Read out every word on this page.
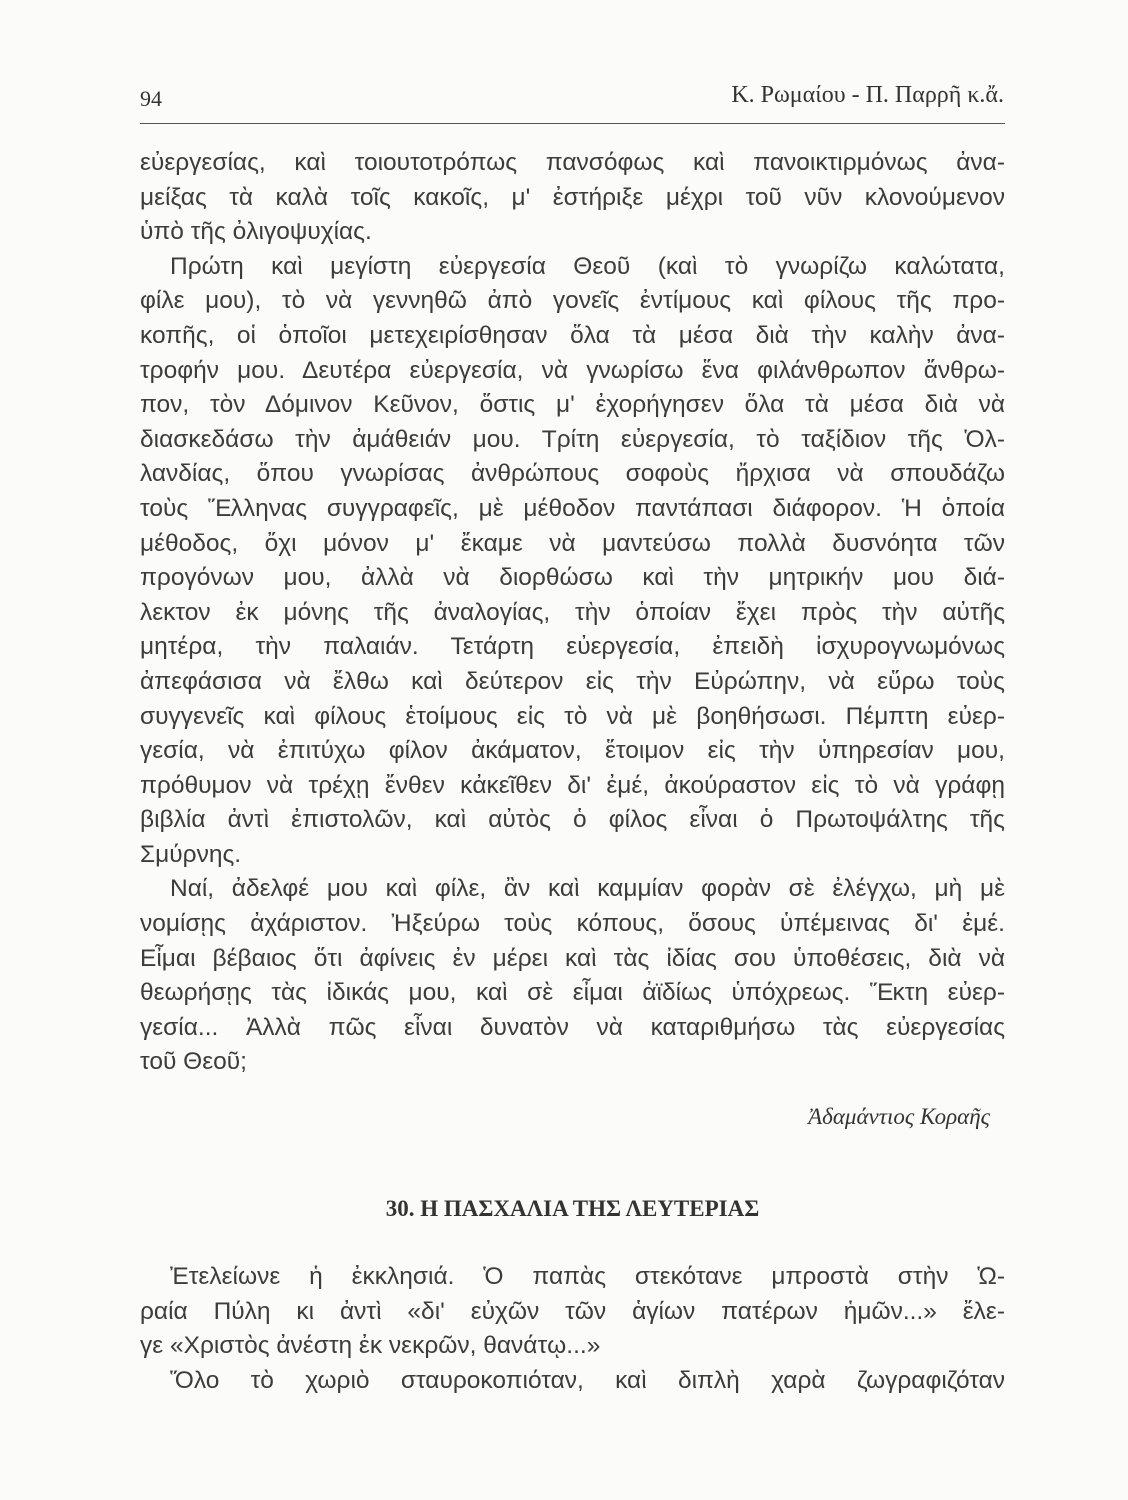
94	Κ. Ρωμαίου - Π. Παρρῆ κ.ἄ.
εὐεργεσίας, καὶ τοιουτοτρόπως πανσόφως καὶ πανοικτιρμόνως ἀνα-
μείξας τὰ καλὰ τοῖς κακοῖς, μ' ἐστήριξε μέχρι τοῦ νῦν κλονούμενον
ὑπὸ τῆς ὀλιγοψυχίας.
Πρώτη καὶ μεγίστη εὐεργεσία Θεοῦ (καὶ τὸ γνωρίζω καλώτατα,
φίλε μου), τὸ νὰ γεννηθῶ ἀπὸ γονεῖς ἐντίμους καὶ φίλους τῆς προ-
κοπῆς, οἱ ὁποῖοι μετεχειρίσθησαν ὅλα τὰ μέσα διὰ τὴν καλὴν ἀνα-
τροφήν μου. Δευτέρα εὐεργεσία, νὰ γνωρίσω ἕνα φιλάνθρωπον ἄνθρω-
πον, τὸν Δόμινον Κεῦνον, ὅστις μ' ἐχορήγησεν ὅλα τὰ μέσα διὰ νὰ
διασκεδάσω τὴν ἀμάθειάν μου. Τρίτη εὐεργεσία, τὸ ταξίδιον τῆς Ὁλ-
λανδίας, ὅπου γνωρίσας ἀνθρώπους σοφοὺς ἤρχισα νὰ σπουδάζω
τοὺς Ἕλληνας συγγραφεῖς, μὲ μέθοδον παντάπασι διάφορον. Ἡ ὁποία
μέθοδος, ὄχι μόνον μ' ἔκαμε νὰ μαντεύσω πολλὰ δυσνόητα τῶν
προγόνων μου, ἀλλὰ νὰ διορθώσω καὶ τὴν μητρικήν μου διά-
λεκτον ἐκ μόνης τῆς ἀναλογίας, τὴν ὁποίαν ἔχει πρὸς τὴν αὐτῆς
μητέρα, τὴν παλαιάν. Τετάρτη εὐεργεσία, ἐπειδὴ ἰσχυρογνωμόνως
ἀπεφάσισα νὰ ἔλθω καὶ δεύτερον εἰς τὴν Εὐρώπην, νὰ εὕρω τοὺς
συγγενεῖς καὶ φίλους ἑτοίμους εἰς τὸ νὰ μὲ βοηθήσωσι. Πέμπτη εὐερ-
γεσία, νὰ ἐπιτύχω φίλον ἀκάματον, ἕτοιμον εἰς τὴν ὑπηρεσίαν μου,
πρόθυμον νὰ τρέχῃ ἔνθεν κἀκεῖθεν δι' ἐμέ, ἀκούραστον εἰς τὸ νὰ γράφῃ
βιβλία ἀντὶ ἐπιστολῶν, καὶ αὐτὸς ὁ φίλος εἶναι ὁ Πρωτοψάλτης τῆς
Σμύρνης.
Ναί, ἀδελφέ μου καὶ φίλε, ἂν καὶ καμμίαν φορὰν σὲ ἐλέγχω, μὴ μὲ
νομίσῃς ἀχάριστον. Ἠξεύρω τοὺς κόπους, ὅσους ὑπέμεινας δι' ἐμέ.
Εἶμαι βέβαιος ὅτι ἀφίνεις ἐν μέρει καὶ τὰς ἰδίας σου ὑποθέσεις, διὰ νὰ
θεωρήσῃς τὰς ἰδικάς μου, καὶ σὲ εἶμαι ἀϊδίως ὑπόχρεως. Ἕκτη εὐερ-
γεσία... Ἀλλὰ πῶς εἶναι δυνατὸν νὰ καταριθμήσω τὰς εὐεργεσίας
τοῦ Θεοῦ;
Ἀδαμάντιος Κοραῆς
30. Η ΠΑΣΧΑΛΙΑ ΤΗΣ ΛΕΥΤΕΡΙΑΣ
Ἐτελείωνε ἡ ἐκκλησιά. Ὁ παπὰς στεκότανε μπροστὰ στὴν Ὡ-
ραία Πύλη κι ἀντὶ «δι' εὐχῶν τῶν ἁγίων πατέρων ἡμῶν...» ἔλε-
γε «Χριστὸς ἀνέστη ἐκ νεκρῶν, θανάτῳ...»
Ὅλο τὸ χωριὸ σταυροκοπιόταν, καὶ διπλὴ χαρὰ ζωγραφιζόταν
